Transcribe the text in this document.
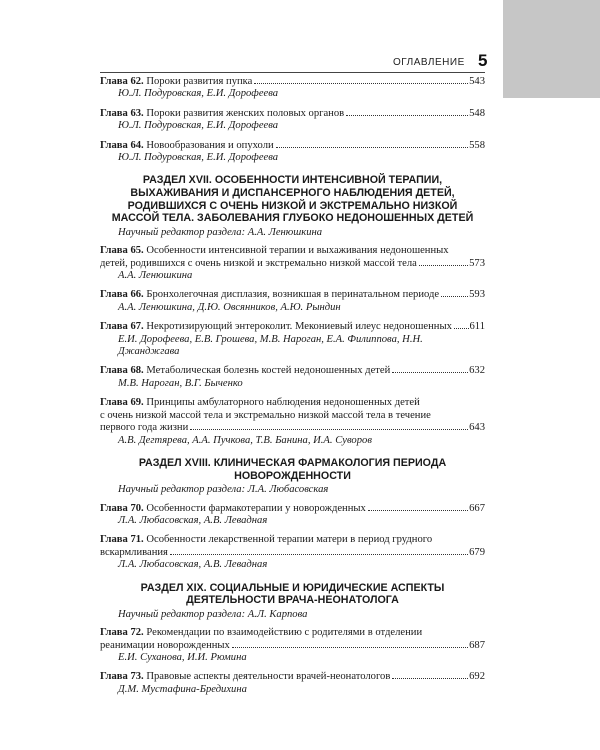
ОГЛАВЛЕНИЕ 5
Глава 62. Пороки развития пупка	543
Ю.Л. Подуровская, Е.И. Дорофеева
Глава 63. Пороки развития женских половых органов	548
Ю.Л. Подуровская, Е.И. Дорофеева
Глава 64. Новообразования и опухоли	558
Ю.Л. Подуровская, Е.И. Дорофеева
РАЗДЕЛ XVII. ОСОБЕННОСТИ ИНТЕНСИВНОЙ ТЕРАПИИ, ВЫХАЖИВАНИЯ И ДИСПАНСЕРНОГО НАБЛЮДЕНИЯ ДЕТЕЙ, РОДИВШИХСЯ С ОЧЕНЬ НИЗКОЙ И ЭКСТРЕМАЛЬНО НИЗКОЙ МАССОЙ ТЕЛА. ЗАБОЛЕВАНИЯ ГЛУБОКО НЕДОНОШЕННЫХ ДЕТЕЙ
Научный редактор раздела: А.А. Ленюшкина
Глава 65. Особенности интенсивной терапии и выхаживания недоношенных
детей, родившихся с очень низкой и экстремально низкой массой тела	573
А.А. Ленюшкина
Глава 66. Бронхолегочная дисплазия, возникшая в перинатальном периоде	593
А.А. Ленюшкина, Д.Ю. Овсянников, А.Ю. Рындин
Глава 67. Некротизирующий энтероколит. Мекониевый илеус недоношенных 611
Е.И. Дорофеева, Е.В. Грошева, М.В. Нароган, Е.А. Филиппова, Н.Н. Джанджгава
Глава 68. Метаболическая болезнь костей недоношенных детей	632
М.В. Нароган, В.Г. Быченко
Глава 69. Принципы амбулаторного наблюдения недоношенных детей
с очень низкой массой тела и экстремально низкой массой тела в течение
первого года жизни	643
А.В. Дегтярева, А.А. Пучкова, Т.В. Банина, И.А. Суворов
РАЗДЕЛ XVIII. КЛИНИЧЕСКАЯ ФАРМАКОЛОГИЯ ПЕРИОДА НОВОРОЖДЕННОСТИ
Научный редактор раздела: Л.А. Любасовская
Глава 70. Особенности фармакотерапии у новорожденных	667
Л.А. Любасовская, А.В. Левадная
Глава 71. Особенности лекарственной терапии матери в период грудного
вскармливания	679
Л.А. Любасовская, А.В. Левадная
РАЗДЕЛ XIX. СОЦИАЛЬНЫЕ И ЮРИДИЧЕСКИЕ АСПЕКТЫ ДЕЯТЕЛЬНОСТИ ВРАЧА-НЕОНАТОЛОГА
Научный редактор раздела: А.Л. Карпова
Глава 72. Рекомендации по взаимодействию с родителями в отделении
реанимации новорожденных	687
Е.И. Суханова, И.И. Рюмина
Глава 73. Правовые аспекты деятельности врачей-неонатологов	692
Д.М. Мустафина-Бредихина
